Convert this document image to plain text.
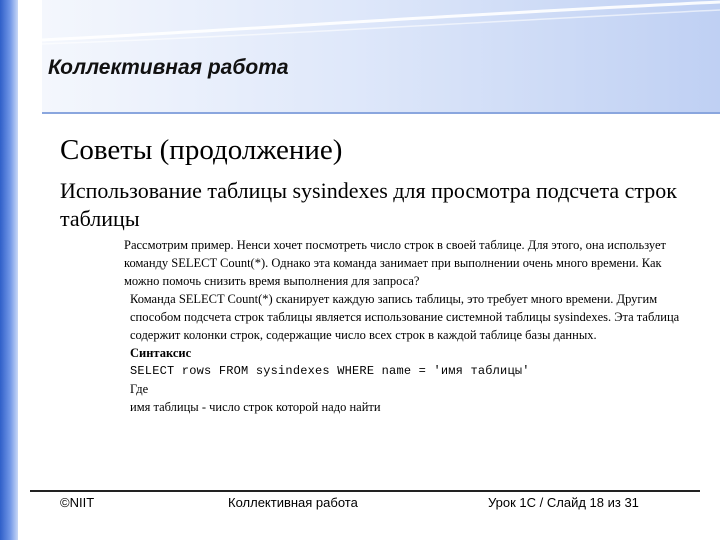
Коллективная работа
Советы (продолжение)
Использование таблицы sysindexes для просмотра подсчета строк таблицы

Рассмотрим пример. Ненси хочет посмотреть число строк в своей таблице. Для этого, она использует команду SELECT Count(*). Однако эта команда занимает при выполнении очень много времени. Как можно помочь снизить время выполнения для запроса?

Команда SELECT Count(*) сканирует каждую запись таблицы, это требует много времени. Другим способом подсчета строк таблицы является использование системной таблицы sysindexes. Эта таблица содержит колонки строк, содержащие число всех строк в каждой таблице базы данных.

Синтаксис

SELECT rows FROM sysindexes WHERE name = 'имя таблицы'

Где

имя таблицы - число строк которой надо найти

©NIIT	Коллективная работа	Урок 1C / Слайд 18 из 31
